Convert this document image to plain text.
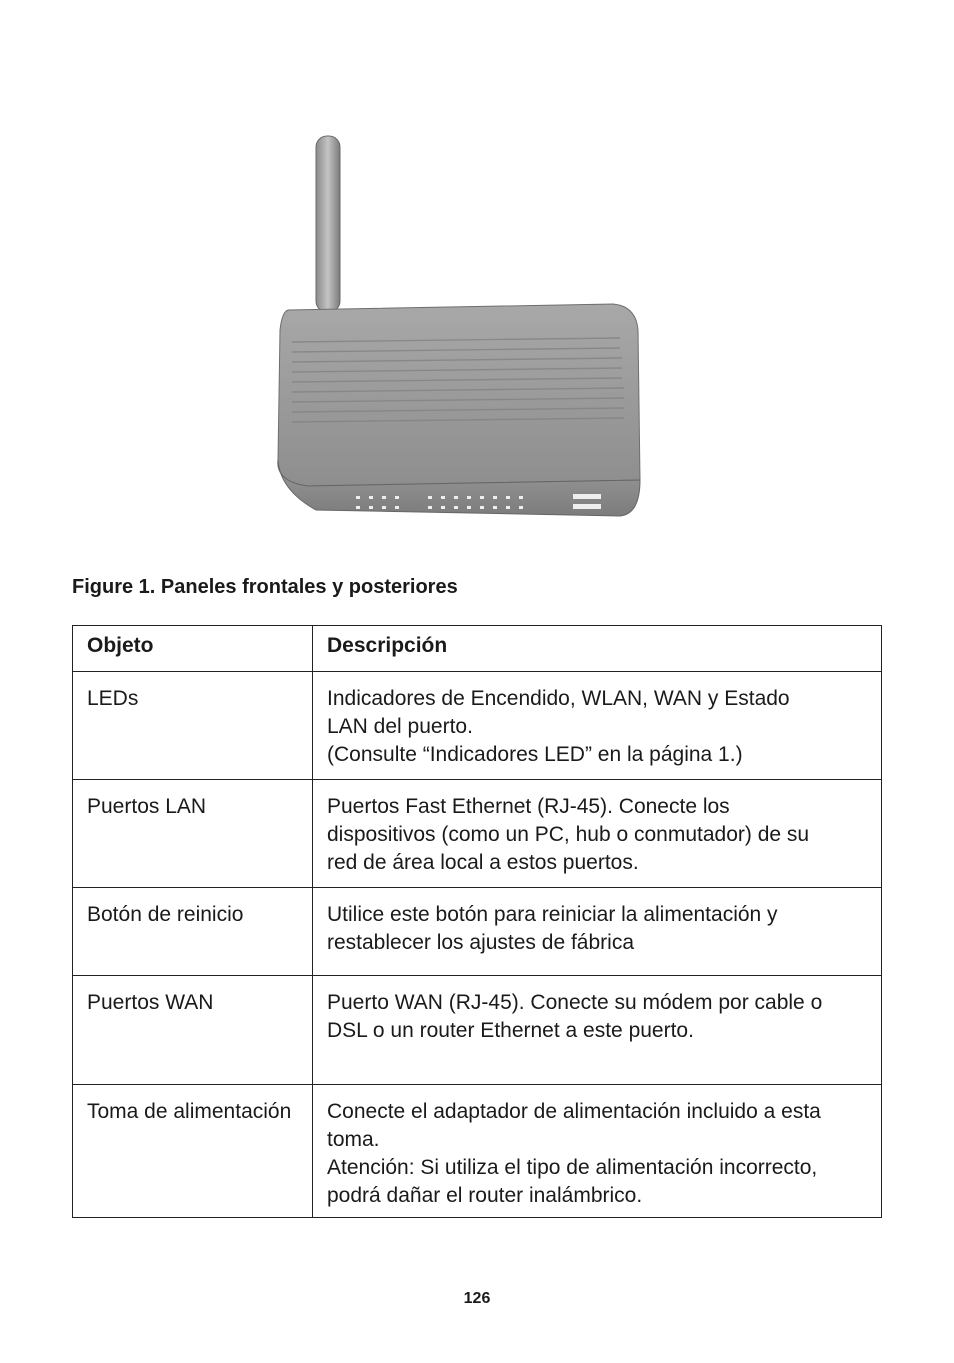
Figure 1. Paneles frontales y posteriores

Objeto	Descripción
LEDs	Indicadores de Encendido, WLAN, WAN y Estado
LAN del puerto.
(Consulte “Indicadores LED” en la página 1.)

Puertos LAN	Puertos Fast Ethernet (RJ-45). Conecte los
dispositivos (como un PC, hub o conmutador) de su
red de área local a estos puertos.

Botón de reinicio	Utilice este botón para reiniciar la alimentación y
restablecer los ajustes de fábrica

Puertos WAN	Puerto WAN (RJ-45). Conecte su módem por cable o
DSL o un router Ethernet a este puerto.

Toma de alimentación	Conecte el adaptador de alimentación incluido a esta
toma.
Atención: Si utiliza el tipo de alimentación incorrecto,
podrá dañar el router inalámbrico.
126
